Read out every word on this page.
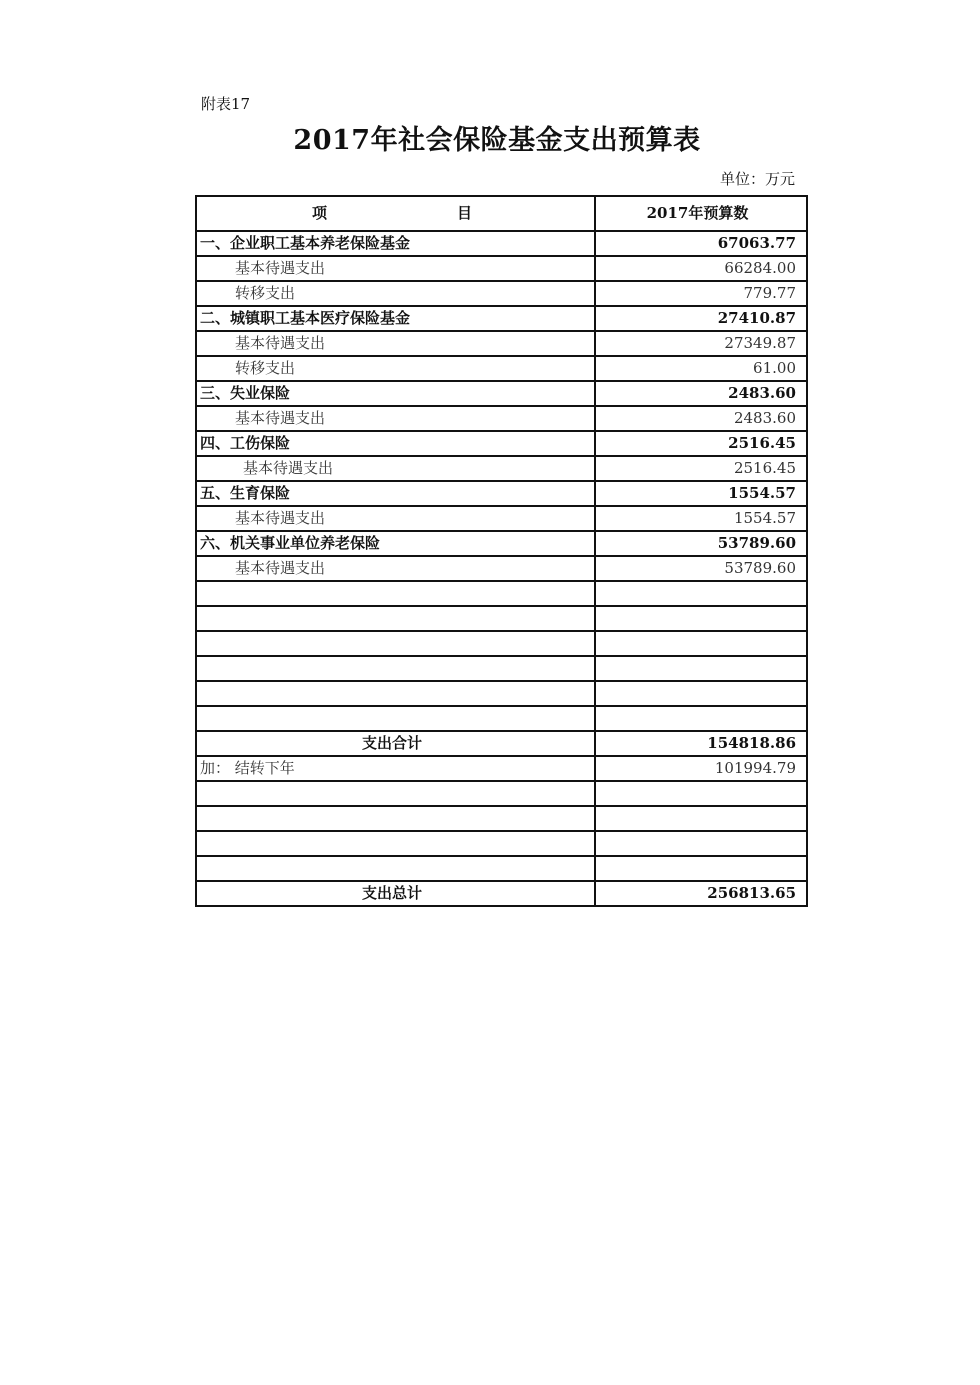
附表17
2017年社会保险基金支出预算表
单位：万元
项 目	2017年预算数
一、企业职工基本养老保险基金	67063.77
基本待遇支出	66284.00
转移支出	779.77
二、城镇职工基本医疗保险基金	27410.87
基本待遇支出	27349.87
转移支出	61.00
三、失业保险	2483.60
基本待遇支出	2483.60
四、工伤保险	2516.45
基本待遇支出	2516.45
五、生育保险	1554.57
基本待遇支出	1554.57
六、机关事业单位养老保险	53789.60
基本待遇支出	53789.60

支出合计	154818.86
加： 结转下年	101994.79

支出总计	256813.65
